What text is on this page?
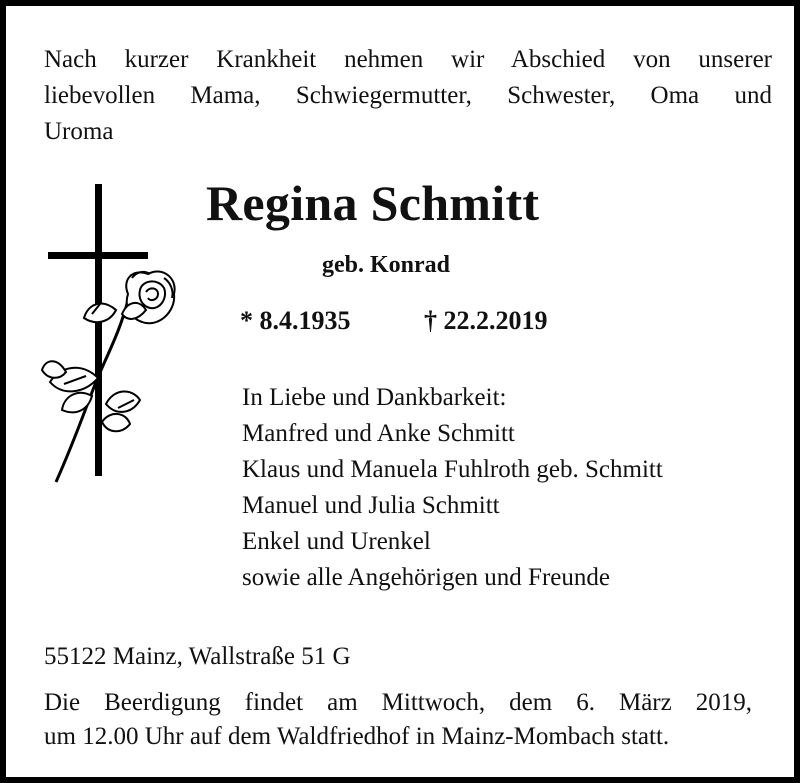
Nach kurzer Krankheit nehmen wir Abschied von unserer
liebevollen Mama, Schwiegermutter, Schwester, Oma und
Uroma

Regina Schmitt

geb. Konrad

* 8.4.1935	† 22.2.2019

In Liebe und Dankbarkeit:
Manfred und Anke Schmitt
Klaus und Manuela Fuhlroth geb. Schmitt
Manuel und Julia Schmitt
Enkel und Urenkel
sowie alle Angehörigen und Freunde

55122 Mainz, Wallstraße 51 G

Die Beerdigung findet am Mittwoch, dem 6. März 2019,
um 12.00 Uhr auf dem Waldfriedhof in Mainz-Mombach statt.
